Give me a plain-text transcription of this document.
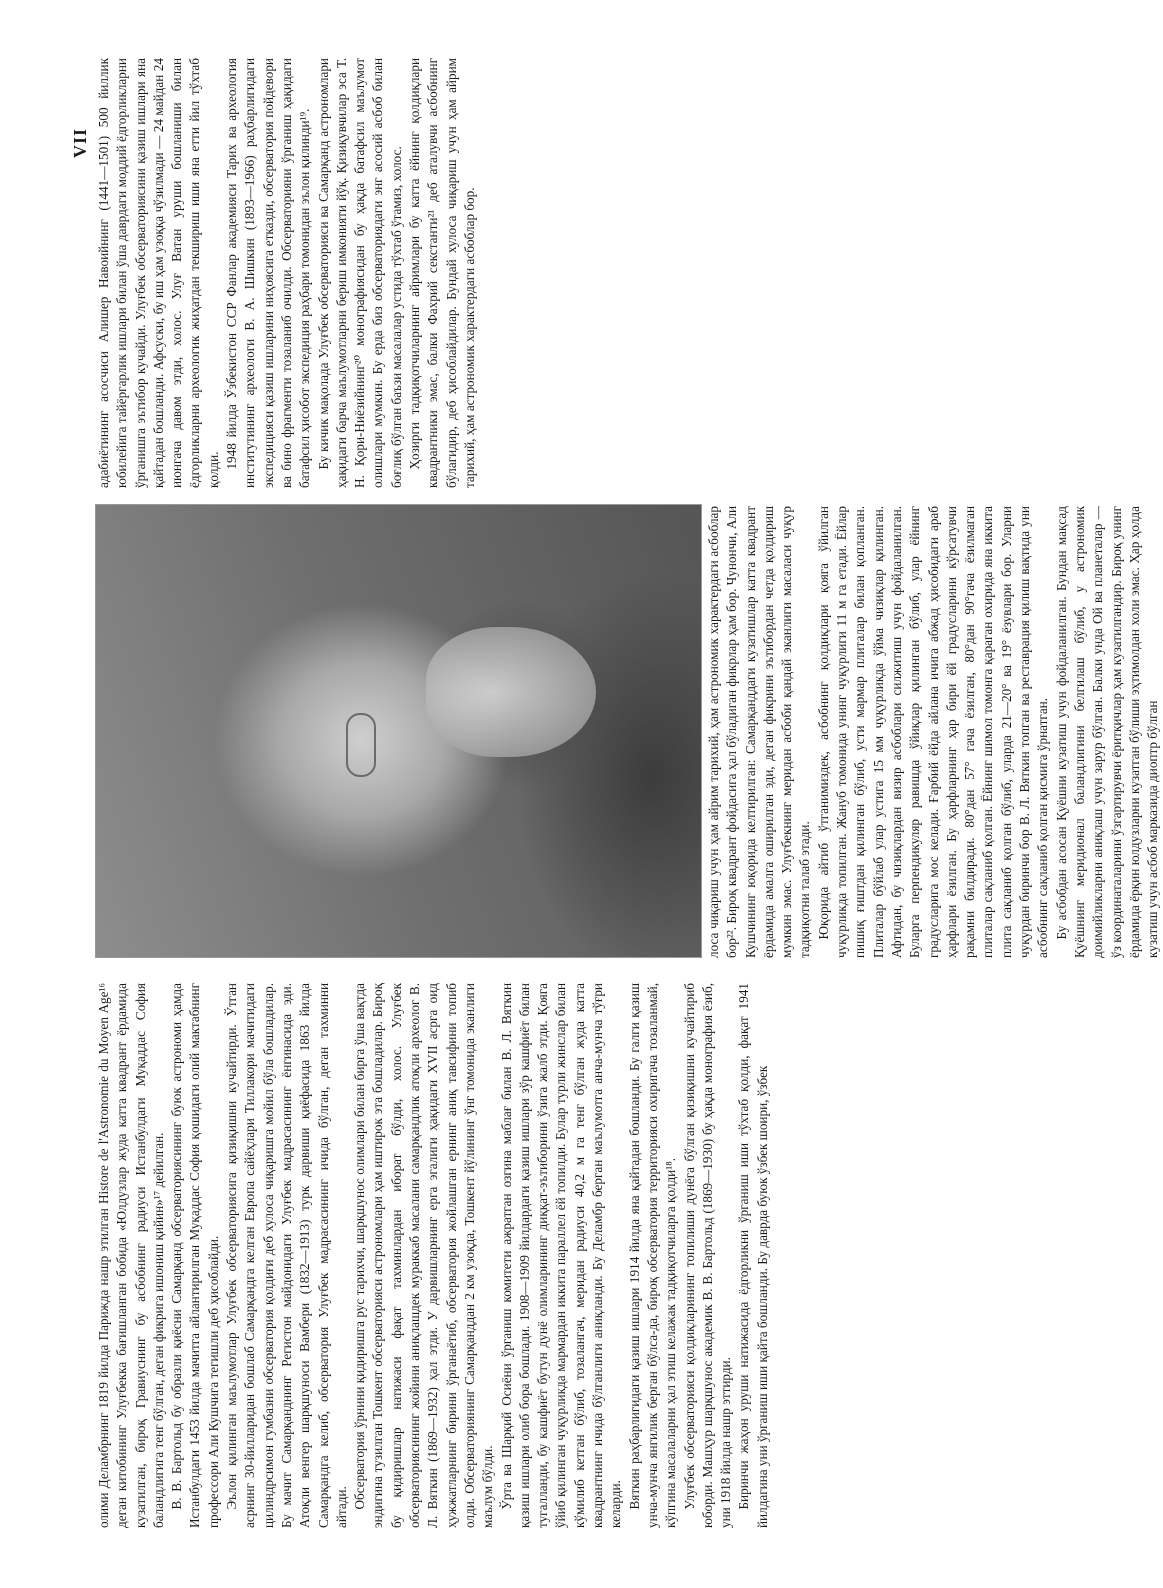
VII

олими Деламбрнинг 1819 йилда Парижда нашр этилган Histore de l'Astronomie du Moyen Age¹⁶ деган китобининг Улуғбекка бағишланган бобида «Юлдузлар жуда катта квадрант ёрдамида кузатилган, бироқ Гравиуснинг бу асбобнинг радиуси Истанбулдаги Муқаддас София баландлигига тенг бўлган, деган фикрига ишониш қийин»¹⁷ дейилган. В. В. Бартольд бу образли қиёсни Самарқанд обсерваториясининг буюк астрономи ҳамда Истанбулдаги 1453 йилда мачитга айлантирилган Муқаддас София қошидаги олий мактабнинг профессори Али Кушчига тегишли деб ҳисоблайди. Эълон қилинган маълумотлар Улуғбек обсерваториясига қизиқишни кучайтирди. Ўтган асрнинг 30-йилларидан бошлаб Самарқандга келган Европа сайёҳлари Тиллакори мачитидаги цилиндрсимон гумбазни обсерватория қолдиғи деб хулоса чиқаришга мойил бўла бошладилар. Бу мачит Самарқанднинг Регистон майдонидаги Улуғбек мадрасасининг ёнгинасида эди. Атоқли венгер шарқшуноси Вамбери (1832—1913) турк дарвиши қиёфасида 1863 йилда Самарқандга келиб, обсерватория Улуғбек мадрасасининг ичида бўлган, деган тахминни айтади. Обсерватория ўрнини қидиришга рус тарихчи, шарқшунос олимлари билан бирга ўша вақтда эндигина тузилган Тошкент обсерваторияси астрономлари ҳам иштирок эта бошладилар. Бироқ бу қидиришлар натижаси фақат тахминлардан иборат бўлди, холос. Улуғбек обсерваториясининг жойини аниқлашдек мураккаб масалани самарқандлик атоқли археолог В. Л. Вяткин (1869—1932) ҳал этди. У дарвишларнинг ерга эгалиги ҳақидаги XVII асрга оид ҳужжатларнинг бирини ўрганаётиб, обсерватория жойлашган ернинг аниқ тавсифини топиб олди. Обсерваториянинг Самарқанддан 2 км узоқда, Тошкент йўлининг ўнг томонида эканлиги маълум бўлди. Ўрта ва Шарқий Осиёни ўрганиш комитети ажратган озгина маблағ билан В. Л. Вяткин қазиш ишлари олиб бора бошлади. 1908—1909 йилдардаги қазиш ишлари зўр кашфиёт билан тугалланди, бу кашфиёт бутун дунё олимларининг диққат-эътиборини ўзига жалб этди. Қояга ўйиб қилинган чуқурликда мармардан иккита параллел ёй топилди. Булар турли жинслар билан кўмилиб кетган бўлиб, тозалангач, меридан радиуси 40,2 м га тенг бўлган жуда катта квадрантнинг ичида бўлганлиги аниқланди. Бу Деламбр берган маълумотга анча-мунча тўғри келарди. Вяткин раҳбарлигидаги қазиш ишлари 1914 йилда яна қайтадан бошланди. Бу галги қазиш унча-мунча янгилик берган бўлса-да, бироқ обсерватория территорияси охиригача тозаланмай, кўпгина масалаларни ҳал этиш келажак тадқиқотчиларга қолди¹⁸. Улуғбек обсерваторияси қолдиқларининг топилиши дунёга бўлган қизиқишни кучайтириб юборди. Машҳур шарқшунос академик В. В. Бартольд (1869—1930) бу ҳақда монография ёзиб, уни 1918 йилда нашр эттирди. Биринчи жаҳон уруши натижасида ёдгорликни ўрганиш иши тўхтаб қолди, фақат 1941 йилдагина уни ўрганиш иши қайта бошланди. Бу даврда буюк ўзбек шоири, ўзбек

лоса чиқариш учун ҳам айрим тарихий, ҳам астрономик характердаги асбоблар бор²². Бироқ квадрант фойдасига ҳал бўладиган фикрлар ҳам бор. Чунончи, Али Кушчининг юқорида келтирилган: Самарқанддаги кузатишлар катта квадрант ёрдамида амалга оширилган эди, деган фикрини эътибордан четда қолдириш мумкин эмас. Улуғбекнинг меридан асбоби қандай эканлиги масаласи чуқур тадқиқотни талаб этади. Юқорида айтиб ўтганимиздек, асбобнинг қолдиқлари қояга ўйилган чуқурликда топилган. Жануб томонида унинг чуқурлиги 11 м га етади. Ёйлар пишиқ ғиштдан қилинган бўлиб, усти мармар плиталар билан қопланган. Плиталар бўйлаб улар устига 15 мм чуқурликда ўйма чизиқлар қилинган. Афтидан, бу чизиқлардан визир асбоблари силжитиш учун фойдаланилган. Буларга перпендикуляр равишда ўйиқлар қилинган бўлиб, улар ёйнинг градусларига мос келади. Ғарбий ёйда айлана ичига абжад ҳисобидаги араб ҳарфлари ёзилган. Бу ҳарфларнинг ҳар бири ёй градусларини кўрсатувчи рақамни билдиради. 80°дан 57° гача ёзилган, 80°дан 90°гача ёзилмаган плиталар сақланиб қолган. Ёйнинг шимол томонга қараган охирида яна иккита плита сақланиб қолган бўлиб, уларда 21—20° ва 19° ёзувлари бор. Уларни чуқурдан биринчи бор В. Л. Вяткин топган ва реставрация қилиш вақтида уни асбобнинг сақланиб қолган қисмига ўрнатган. Бу асбобдан асосан Қуёшни кузатиш учун фойдаланилган. Бундан мақсад Қуёшнинг меридионал баландлигини белгилаш бўлиб, у астрономик доимийликларни аниқлаш учун зарур бўлган. Балки унда Ой ва планеталар — ўз координаталарини ўзгартирувчи ёритқичлар ҳам кузатилгандир. Бироқ унинг ёрдамида ёрқин юлдузларни кузатган бўлиши эҳтимолдан холи эмас. Ҳар ҳолда кузатиш учун асбоб марказида диоптр бўлган

адабиётининг асосчиси Алишер Навоийнинг (1441—1501) 500 йиллик юбилейига тайёргарлик ишлари билан ўша даврдаги моддий ёдгорликларни ўрганишга эътибор кучайди. Улуғбек обсерваториясини қазиш ишлари яна қайтадан бошланди. Афсуски, бу иш ҳам узоққа чўзилмади — 24 майдан 24 июнгача давом этди, холос. Улуғ Ватан уруши бошланиши билан ёдгорликларни археологик жиҳатдан текшириш иши яна етти йил тўхтаб қолди.

1948 йилда Ўзбекистон ССР Фанлар академияси Тарих ва археология институтининг археологи В. А. Шишкин (1893—1966) раҳбарлигидаги экспедицияси қазиш ишларини ниҳоясига етказди, обсерватория пойдевори ва бино фрагменти тозаланиб очилди. Обсерваторияни ўрганиш ҳақидаги батафсил ҳисобот экспедиция раҳбари томонидан эълон қилинди¹⁹. Бу кичик мақолада Улуғбек обсерваторияси ва Самарқанд астрономлари ҳақидаги барча маълумотларни бериш имконияти йўқ. Қизиқувчилар эса Т. Н. Қори-Ниёзийнинг²⁰ монографиясидан бу ҳақда батафсил маълумот олишлари мумкин. Бу ерда биз обсерваториядаги энг асосий асбоб билан боғлиқ бўлган баъзи масалалар устида тўхтаб ўтамиз, холос. Ҳозирги тадқиқотчиларнинг айримлари бу катта ёйнинг қолдиқлари квадрантники эмас, балки Фахрий секстанти²¹ деб аталувчи асбобнинг бўлагидир, деб ҳисоблайдилар. Бундай хулоса чиқариш учун ҳам айрим тарихий, ҳам астрономик характердаги асбоблар бор.
